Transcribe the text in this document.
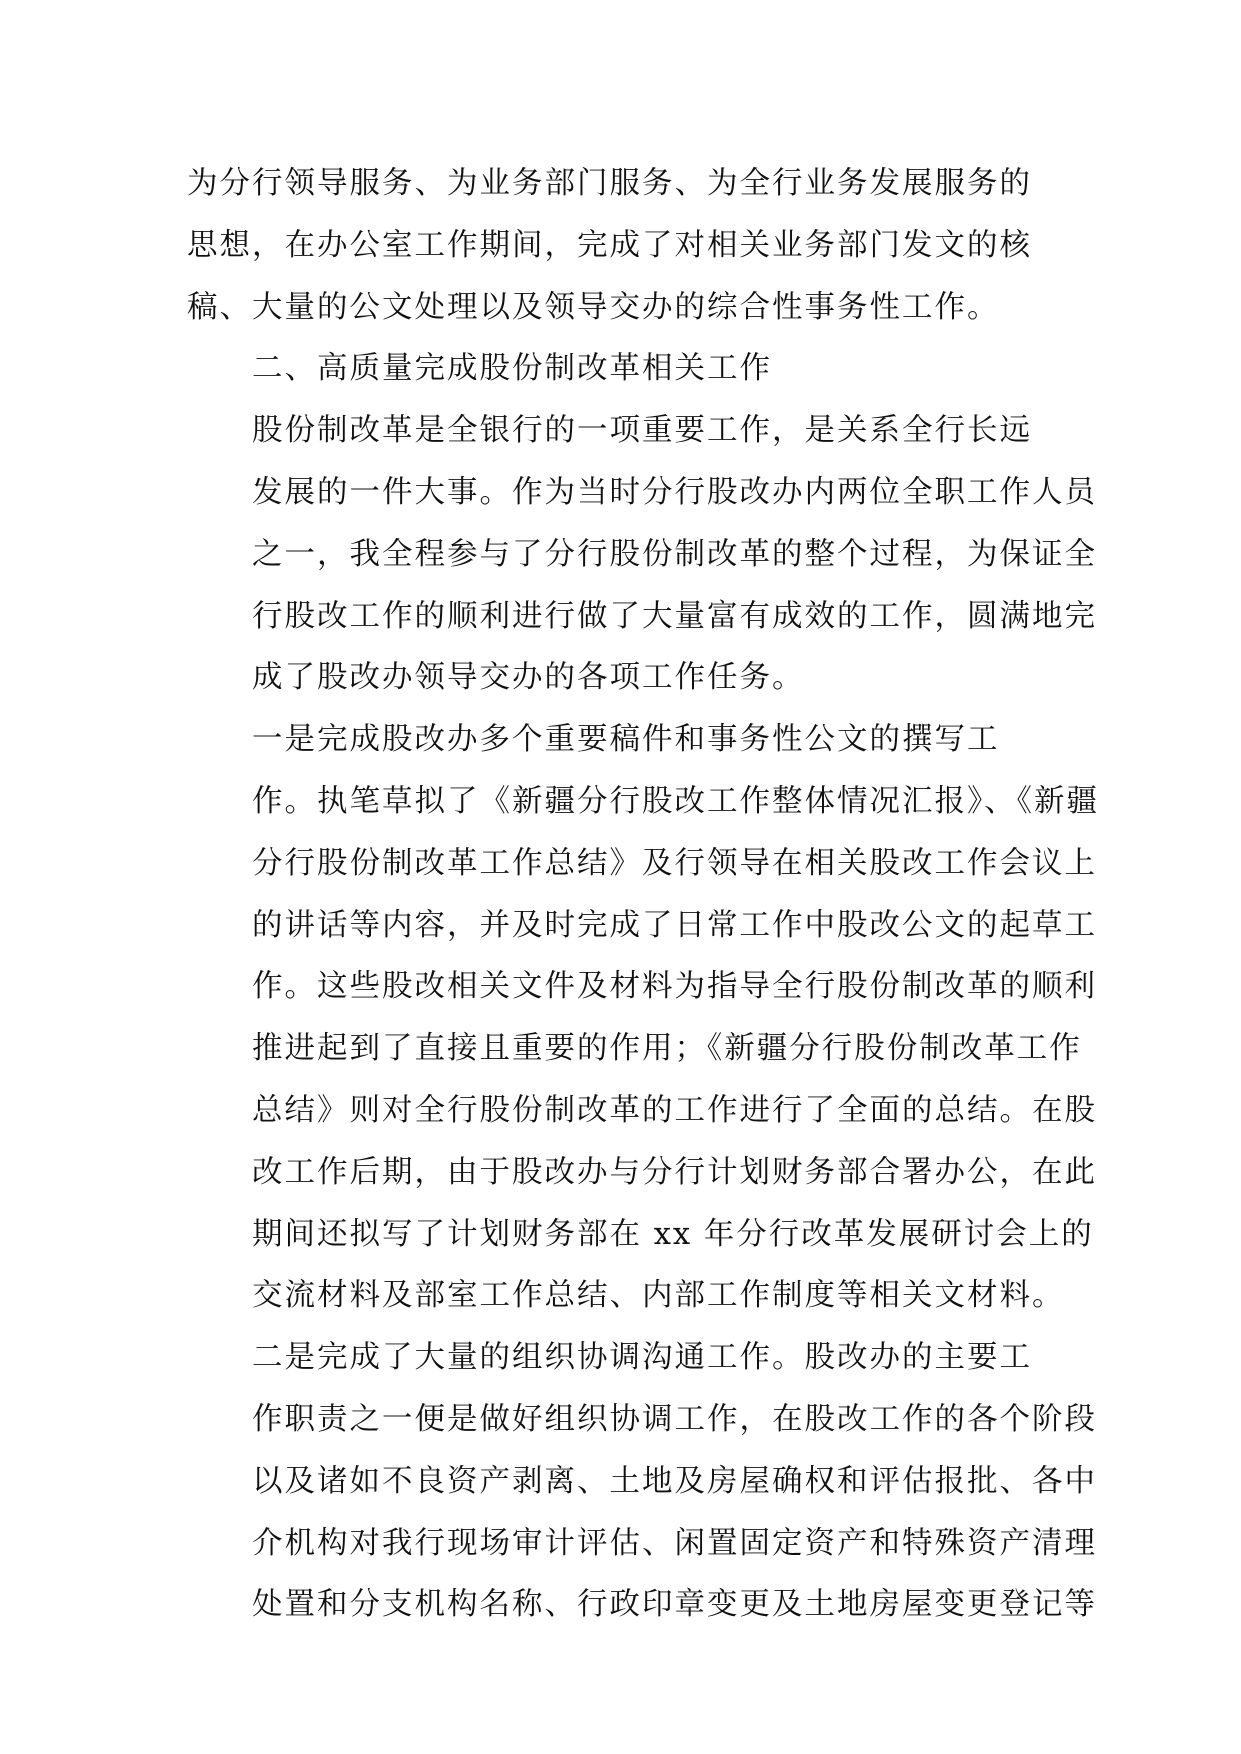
为分行领导服务、为业务部门服务、为全行业务发展服务的
思想，在办公室工作期间，完成了对相关业务部门发文的核
稿、大量的公文处理以及领导交办的综合性事务性工作。

二、高质量完成股份制改革相关工作

股份制改革是全银行的一项重要工作，是关系全行长远
发展的一件大事。作为当时分行股改办内两位全职工作人员
之一，我全程参与了分行股份制改革的整个过程，为保证全
行股改工作的顺利进行做了大量富有成效的工作，圆满地完
成了股改办领导交办的各项工作任务。

一是完成股改办多个重要稿件和事务性公文的撰写工
作。执笔草拟了《新疆分行股改工作整体情况汇报》、《新疆
分行股份制改革工作总结》及行领导在相关股改工作会议上
的讲话等内容，并及时完成了日常工作中股改公文的起草工
作。这些股改相关文件及材料为指导全行股份制改革的顺利
推进起到了直接且重要的作用；《新疆分行股份制改革工作
总结》则对全行股份制改革的工作进行了全面的总结。在股
改工作后期，由于股改办与分行计划财务部合署办公，在此
期间还拟写了计划财务部在 xx 年分行改革发展研讨会上的
交流材料及部室工作总结、内部工作制度等相关文材料。

二是完成了大量的组织协调沟通工作。股改办的主要工
作职责之一便是做好组织协调工作，在股改工作的各个阶段
以及诸如不良资产剥离、土地及房屋确权和评估报批、各中
介机构对我行现场审计评估、闲置固定资产和特殊资产清理
处置和分支机构名称、行政印章变更及土地房屋变更登记等
